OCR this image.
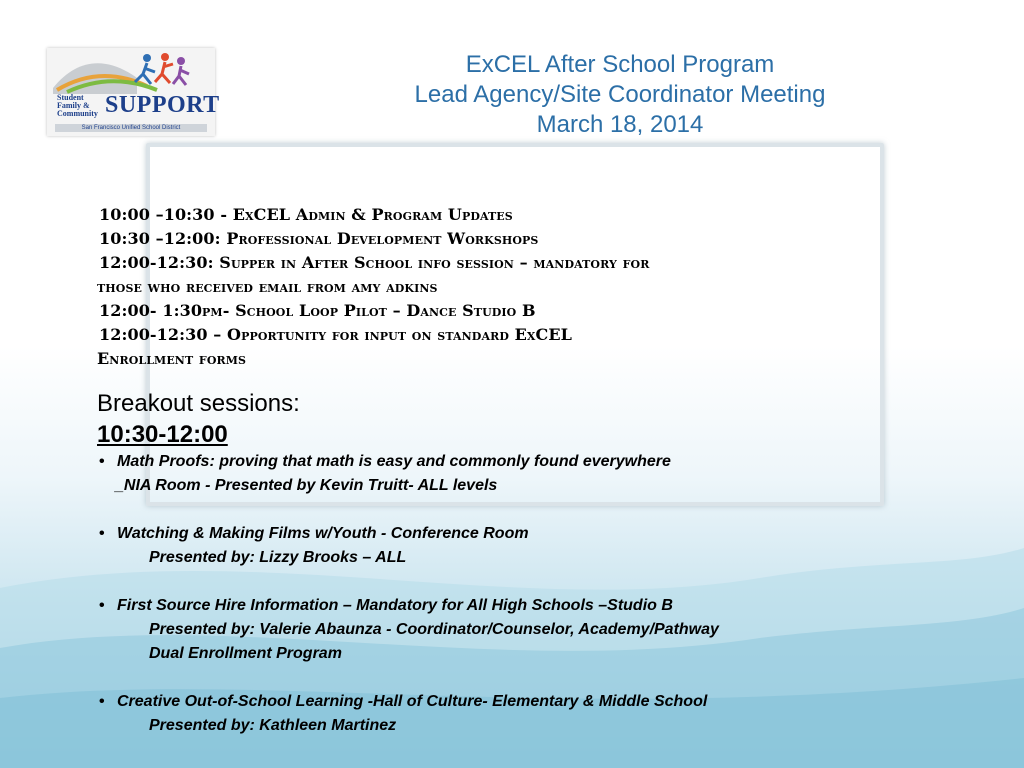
Student
Family &
Community SUPPORT
San Francisco Unified School District
ExCEL After School Program
Lead Agency/Site Coordinator Meeting
March 18, 2014
10:00 –10:30 - ExCEL Admin & Program Updates
10:30 –12:00: Professional Development Workshops
12:00-12:30: Supper in After School info session – mandatory for
those who received email from amy adkins
12:00- 1:30pm- School Loop Pilot – Dance Studio B
12:00-12:30 – Opportunity for input on standard ExCEL
Enrollment forms
Breakout sessions:
10:30-12:00
• Math Proofs: proving that math is easy and commonly found everywhere
_NIA Room - Presented by Kevin Truitt- ALL levels
• Watching & Making Films w/Youth - Conference Room
Presented by: Lizzy Brooks – ALL
• First Source Hire Information – Mandatory for All High Schools –Studio B
Presented by: Valerie Abaunza - Coordinator/Counselor, Academy/Pathway
Dual Enrollment Program
• Creative Out-of-School Learning -Hall of Culture- Elementary & Middle School
Presented by: Kathleen Martinez
